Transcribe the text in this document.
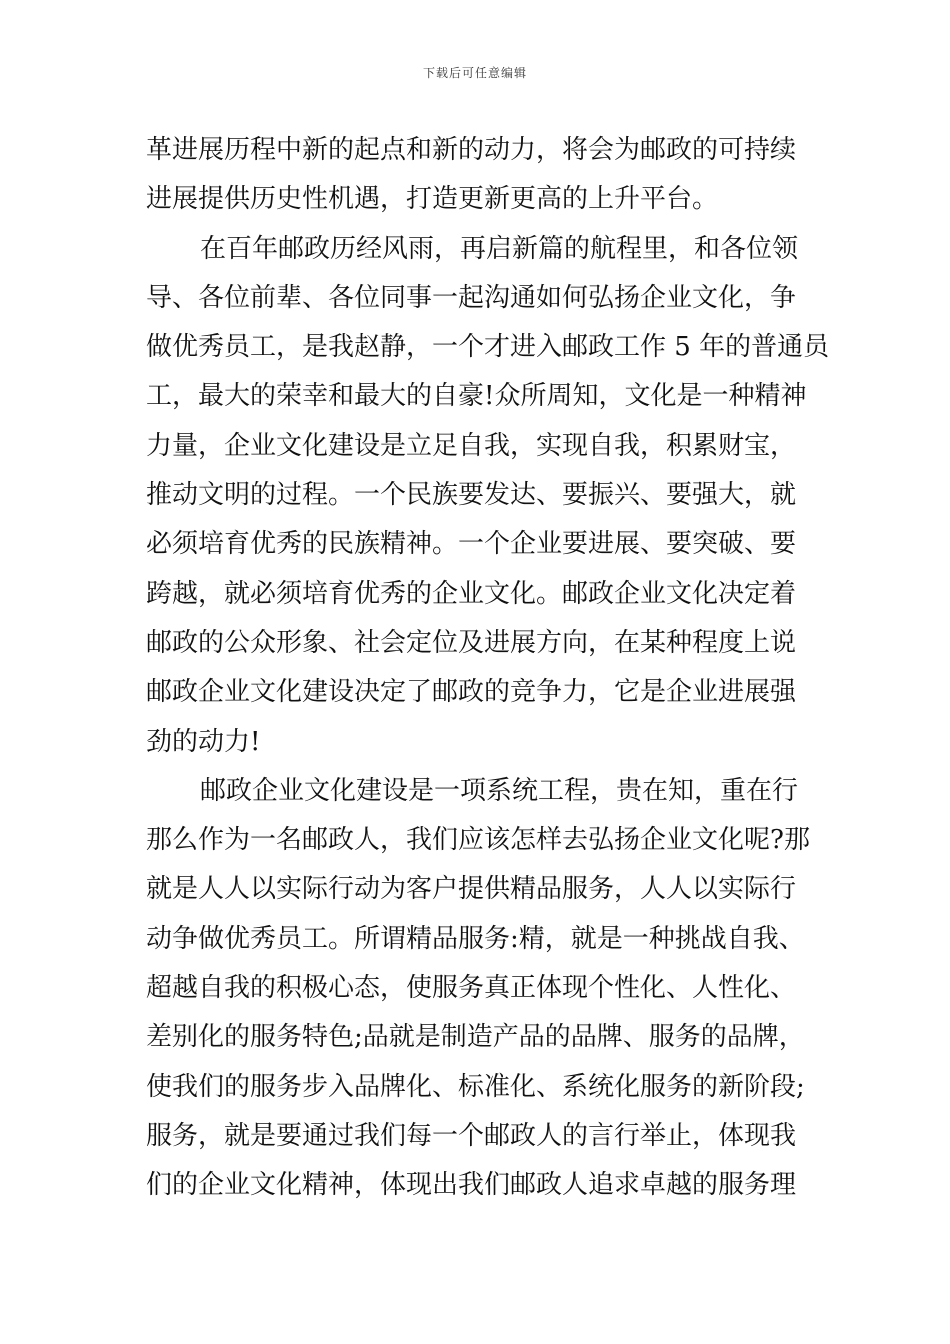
下载后可任意编辑
革进展历程中新的起点和新的动力，将会为邮政的可持续
进展提供历史性机遇，打造更新更高的上升平台。
在百年邮政历经风雨，再启新篇的航程里，和各位领
导、各位前辈、各位同事一起沟通如何弘扬企业文化，争
做优秀员工，是我赵静，一个才进入邮政工作 5 年的普通员
工，最大的荣幸和最大的自豪!众所周知，文化是一种精神
力量，企业文化建设是立足自我，实现自我，积累财宝，
推动文明的过程。一个民族要发达、要振兴、要强大，就
必须培育优秀的民族精神。一个企业要进展、要突破、要
跨越，就必须培育优秀的企业文化。邮政企业文化决定着
邮政的公众形象、社会定位及进展方向，在某种程度上说
邮政企业文化建设决定了邮政的竞争力，它是企业进展强
劲的动力!
邮政企业文化建设是一项系统工程，贵在知，重在行
那么作为一名邮政人，我们应该怎样去弘扬企业文化呢?那
就是人人以实际行动为客户提供精品服务，人人以实际行
动争做优秀员工。所谓精品服务:精，就是一种挑战自我、
超越自我的积极心态，使服务真正体现个性化、人性化、
差别化的服务特色;品就是制造产品的品牌、服务的品牌，
使我们的服务步入品牌化、标准化、系统化服务的新阶段;
服务，就是要通过我们每一个邮政人的言行举止，体现我
们的企业文化精神，体现出我们邮政人追求卓越的服务理
